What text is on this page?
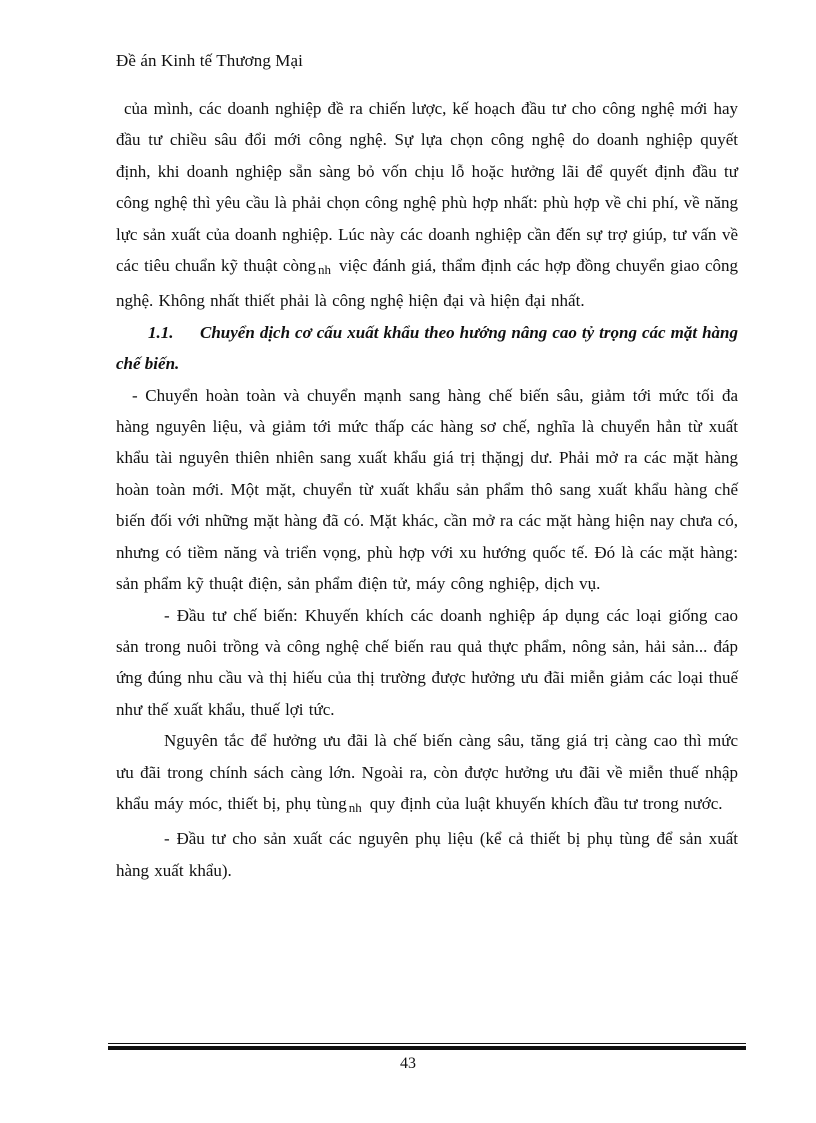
Đề án Kinh tế Thương Mại

của mình, các doanh nghiệp đề ra chiến lược, kế hoạch đầu tư cho công nghệ mới hay đầu tư chiều sâu đổi mới công nghệ. Sự lựa chọn công nghệ do doanh nghiệp quyết định, khi doanh nghiệp sẵn sàng bỏ vốn chịu lỗ hoặc hưởng lãi để quyết định đầu tư công nghệ thì yêu cầu là phải chọn công nghệ phù hợp nhất: phù hợp về chi phí, về năng lực sản xuất của doanh nghiệp. Lúc này các doanh nghiệp cần đến sự trợ giúp, tư vấn về các tiêu chuẩn kỹ thuật còng $_{nh}$ việc đánh giá, thẩm định các hợp đồng chuyển giao công nghệ. Không nhất thiết phải là công nghệ hiện đại và hiện đại nhất.

1.1. Chuyển dịch cơ cấu xuất khẩu theo hướng nâng cao tỷ trọng các mặt hàng chế biến.

- Chuyển hoàn toàn và chuyển mạnh sang hàng chế biến sâu, giảm tới mức tối đa hàng nguyên liệu, và giảm tới mức thấp các hàng sơ chế, nghĩa là chuyển hẳn từ xuất khẩu tài nguyên thiên nhiên sang xuất khẩu giá trị thặngj dư. Phải mở ra các mặt hàng hoàn toàn mới. Một mặt, chuyển từ xuất khẩu sản phẩm thô sang xuất khẩu hàng chế biến đối với những mặt hàng đã có. Mặt khác, cần mở ra các mặt hàng hiện nay chưa có, nhưng có tiềm năng và triển vọng, phù hợp với xu hướng quốc tế. Đó là các mặt hàng: sản phẩm kỹ thuật điện, sản phẩm điện tử, máy công nghiệp, dịch vụ.

- Đầu tư chế biến: Khuyến khích các doanh nghiệp áp dụng các loại giống cao sản trong nuôi trồng và công nghệ chế biến rau quả thực phẩm, nông sản, hải sản... đáp ứng đúng nhu cầu và thị hiếu của thị trường được hưởng ưu đãi miễn giảm các loại thuế như thế xuất khẩu, thuế lợi tức.

Nguyên tắc để hưởng ưu đãi là chế biến càng sâu, tăng giá trị càng cao thì mức ưu đãi trong chính sách càng lớn. Ngoài ra, còn được hưởng ưu đãi về miễn thuế nhập khẩu máy móc, thiết bị, phụ tùng $_{nh}$ quy định của luật khuyến khích đầu tư trong nước.

- Đầu tư cho sản xuất các nguyên phụ liệu (kể cả thiết bị phụ tùng để sản xuất hàng xuất khẩu).

43
